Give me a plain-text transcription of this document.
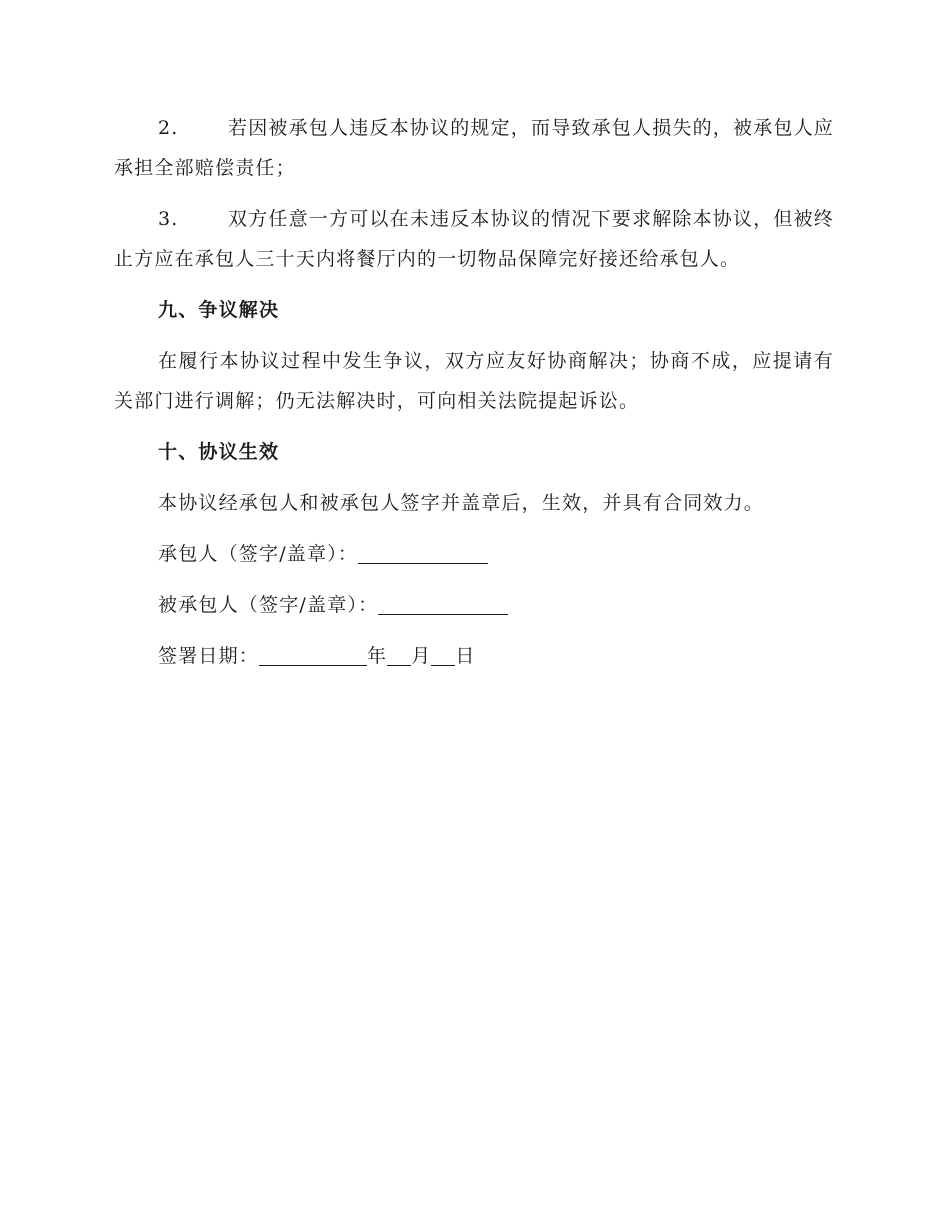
2.	若因被承包人违反本协议的规定，而导致承包人损失的，被承包人应承担全部赔偿责任；

3.	双方任意一方可以在未违反本协议的情况下要求解除本协议，但被终止方应在承包人三十天内将餐厅内的一切物品保障完好接还给承包人。

九、争议解决

在履行本协议过程中发生争议，双方应友好协商解决；协商不成，应提请有关部门进行调解；仍无法解决时，可向相关法院提起诉讼。

十、协议生效

本协议经承包人和被承包人签字并盖章后，生效，并具有合同效力。

承包人（签字/盖章）：
被承包人（签字/盖章）：
签署日期：	年 月 日
